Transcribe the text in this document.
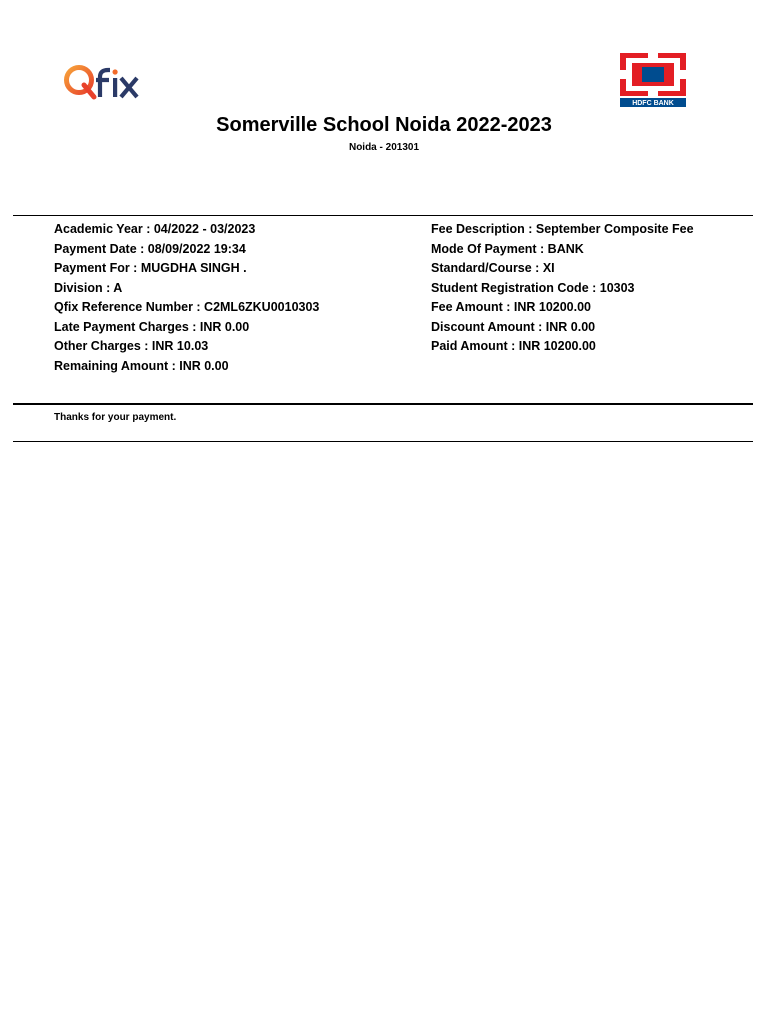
HDFC BANK
Somerville School Noida 2022-2023
Noida - 201301
Academic Year : 04/2022 - 03/2023
Payment Date : 08/09/2022 19:34
Payment For : MUGDHA SINGH .
Division : A
Qfix Reference Number : C2ML6ZKU0010303
Late Payment Charges : INR 0.00
Other Charges : INR 10.03
Remaining Amount : INR 0.00
Fee Description : September Composite Fee
Mode Of Payment : BANK
Standard/Course : XI
Student Registration Code : 10303
Fee Amount : INR 10200.00
Discount Amount : INR 0.00
Paid Amount : INR 10200.00
Thanks for your payment.
